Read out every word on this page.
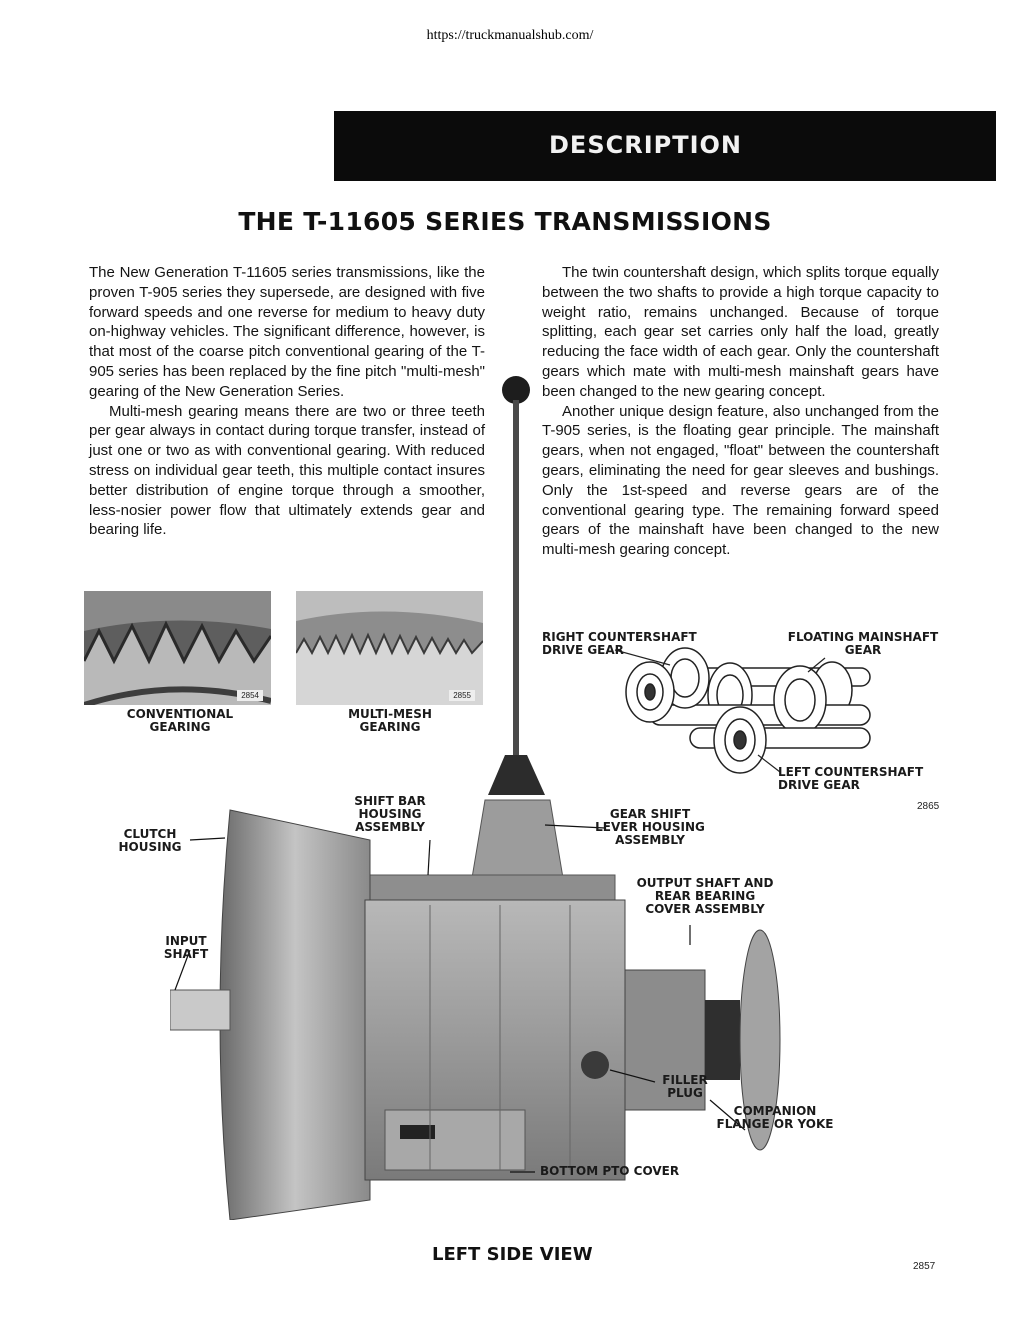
https://truckmanualshub.com/
DESCRIPTION
THE T-11605 SERIES TRANSMISSIONS

The New Generation T-11605 series transmissions, like the proven T-905 series they supersede, are designed with five forward speeds and one reverse for medium to heavy duty on-highway vehicles. The significant difference, however, is that most of the coarse pitch conventional gearing of the T-905 series has been replaced by the fine pitch "multi-mesh" gearing of the New Generation Series.

Multi-mesh gearing means there are two or three teeth per gear always in contact during torque transfer, instead of just one or two as with conventional gearing. With reduced stress on individual gear teeth, this multiple contact insures better distribution of engine torque through a smoother, less-nosier power flow that ultimately extends gear and bearing life.

The twin countershaft design, which splits torque equally between the two shafts to provide a high torque capacity to weight ratio, remains unchanged. Because of torque splitting, each gear set carries only half the load, greatly reducing the face width of each gear. Only the countershaft gears which mate with multi-mesh mainshaft gears have been changed to the new gearing concept.

Another unique design feature, also unchanged from the T-905 series, is the floating gear principle. The mainshaft gears, when not engaged, "float" between the countershaft gears, eliminating the need for gear sleeves and bushings. Only the 1st-speed and reverse gears are of the conventional gearing type. The remaining forward speed gears of the mainshaft have been changed to the new multi-mesh gearing concept.

2854	2855
CONVENTIONAL
GEARING
MULTI-MESH
GEARING
RIGHT COUNTERSHAFT
DRIVE GEAR
FLOATING MAINSHAFT
GEAR
LEFT COUNTERSHAFT
DRIVE GEAR
2865
SHIFT BAR
HOUSING
ASSEMBLY
CLUTCH
HOUSING
GEAR SHIFT
LEVER HOUSING
ASSEMBLY
OUTPUT SHAFT AND
REAR BEARING
COVER ASSEMBLY
INPUT
SHAFT
FILLER
PLUG
COMPANION
FLANGE OR YOKE
BOTTOM PTO COVER
LEFT SIDE VIEW
2857
